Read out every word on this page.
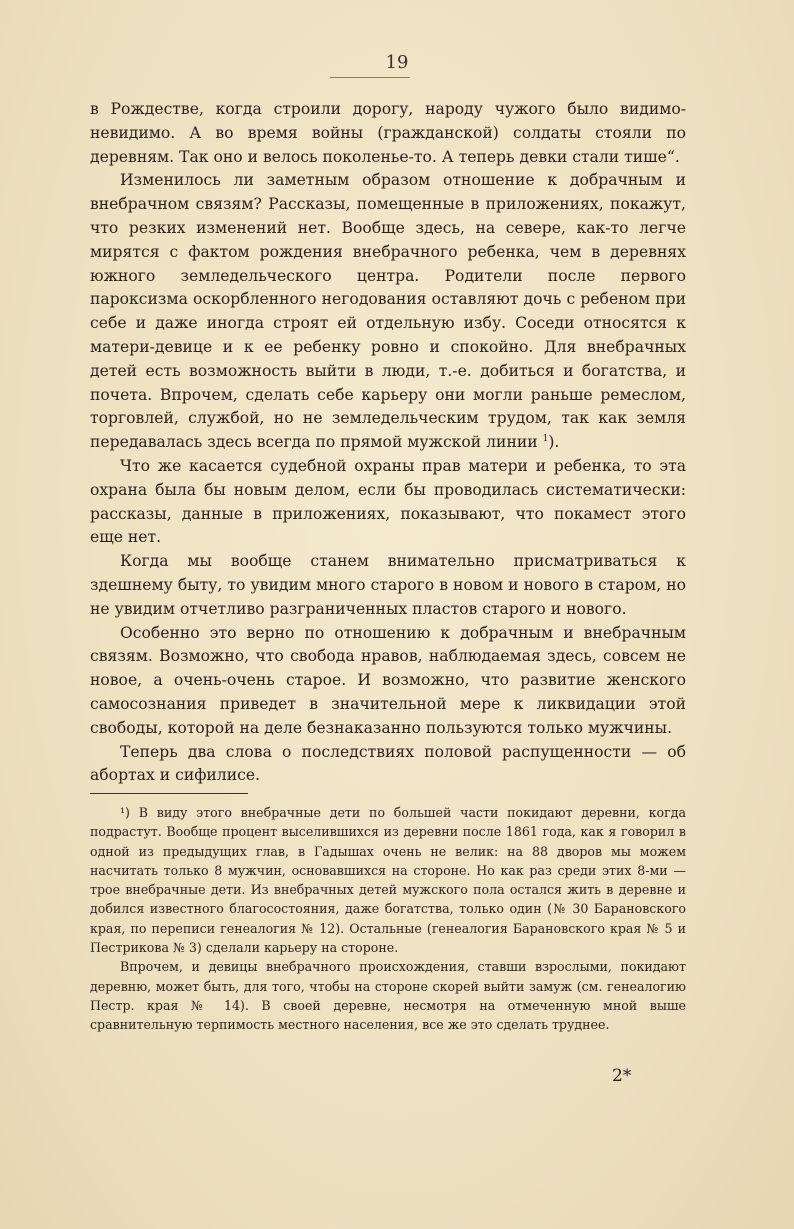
19

в Рождестве, когда строили дорогу, народу чужого было видимо-невидимо. А во время войны (гражданской) солдаты стояли по деревням. Так оно и велось поколенье-то. А теперь девки стали тише“.

Изменилось ли заметным образом отношение к добрачным и внебрачном связям? Рассказы, помещенные в приложениях, покажут, что резких изменений нет. Вообще здесь, на севере, как-то легче мирятся с фактом рождения внебрачного ребенка, чем в деревнях южного земледельческого центра. Родители после первого пароксизма оскорбленного негодования оставляют дочь с ребеном при себе и даже иногда строят ей отдельную избу. Соседи относятся к матери-девице и к ее ребенку ровно и спокойно. Для внебрачных детей есть возможность выйти в люди, т.-е. добиться и богатства, и почета. Впрочем, сделать себе карьеру они могли раньше ремеслом, торговлей, службой, но не земледельческим трудом, так как земля передавалась здесь всегда по прямой мужской линии $^1$).

Что же касается судебной охраны прав матери и ребенка, то эта охрана была бы новым делом, если бы проводилась систематически: рассказы, данные в приложениях, показывают, что покамест этого еще нет.

Когда мы вообще станем внимательно присматриваться к здешнему быту, то увидим много старого в новом и нового в старом, но не увидим отчетливо разграниченных пластов старого и нового.

Особенно это верно по отношению к добрачным и внебрачным связям. Возможно, что свобода нравов, наблюдаемая здесь, совсем не новое, а очень-очень старое. И возможно, что развитие женского самосознания приведет в значительной мере к ликвидации этой свободы, которой на деле безнаказанно пользуются только мужчины.

Теперь два слова о последствиях половой распущенности — об абортах и сифилисе.

¹) В виду этого внебрачные дети по большей части покидают деревни, когда подрастут. Вообще процент выселившихся из деревни после 1861 года, как я говорил в одной из предыдущих глав, в Гадышах очень не велик: на 88 дворов мы можем насчитать только 8 мужчин, основавшихся на стороне. Но как раз среди этих 8-ми — трое внебрачные дети. Из внебрачных детей мужского пола остался жить в деревне и добился известного благосостояния, даже богатства, только один (№ 30 Барановского края, по переписи генеалогия № 12). Остальные (генеалогия Барановского края № 5 и Пестрикова № 3) сделали карьеру на стороне.

Впрочем, и девицы внебрачного происхождения, ставши взрослыми, покидают деревню, может быть, для того, чтобы на стороне скорей выйти замуж (см. генеалогию Пестр. края № 14). В своей деревне, несмотря на отмеченную мной выше сравнительную терпимость местного населения, все же это сделать труднее.

2*
